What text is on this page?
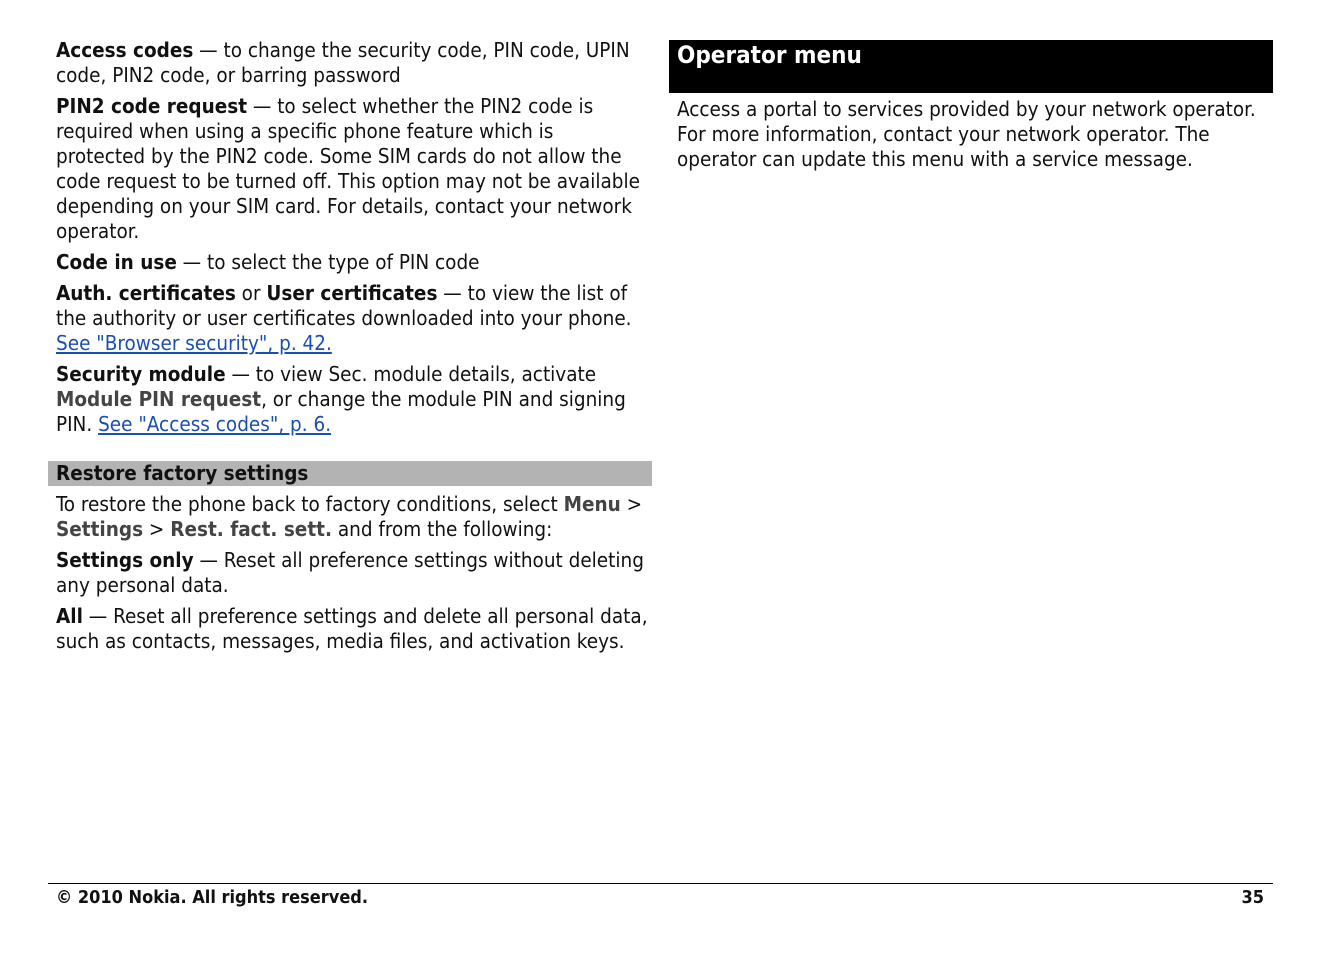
Access codes — to change the security code, PIN code, UPIN code, PIN2 code, or barring password

PIN2 code request — to select whether the PIN2 code is required when using a specific phone feature which is protected by the PIN2 code. Some SIM cards do not allow the code request to be turned off. This option may not be available depending on your SIM card. For details, contact your network operator.

Code in use — to select the type of PIN code

Auth. certificates or User certificates — to view the list of the authority or user certificates downloaded into your phone. See "Browser security", p. 42.

Security module — to view Sec. module details, activate Module PIN request, or change the module PIN and signing PIN. See "Access codes", p. 6.

Restore factory settings

To restore the phone back to factory conditions, select Menu > Settings > Rest. fact. sett. and from the following:

Settings only — Reset all preference settings without deleting any personal data.

All — Reset all preference settings and delete all personal data, such as contacts, messages, media files, and activation keys.

Operator menu
Access a portal to services provided by your network operator. For more information, contact your network operator. The operator can update this menu with a service message.
© 2010 Nokia. All rights reserved.	35
